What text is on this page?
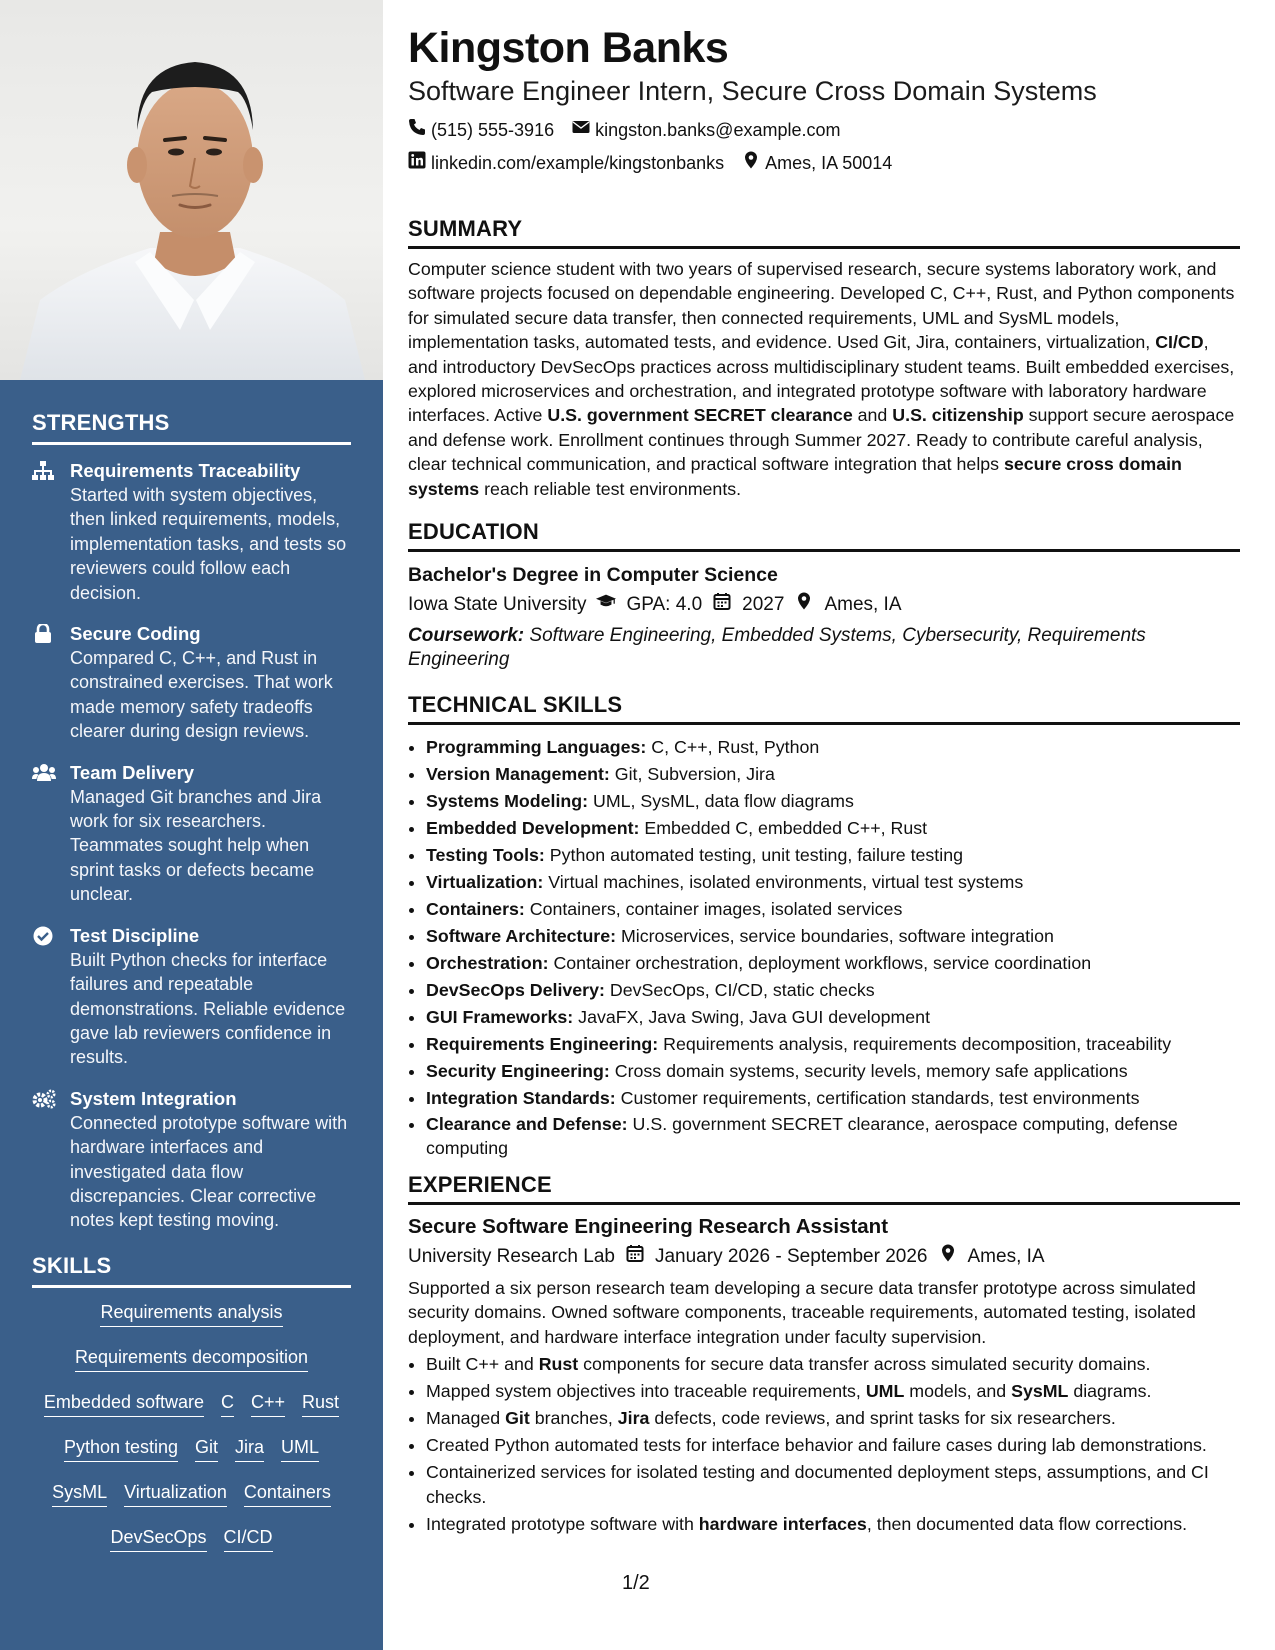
STRENGTHS
Requirements Traceability
Started with system objectives, then linked requirements, models, implementation tasks, and tests so reviewers could follow each decision.
Secure Coding
Compared C, C++, and Rust in constrained exercises. That work made memory safety tradeoffs clearer during design reviews.
Team Delivery
Managed Git branches and Jira work for six researchers. Teammates sought help when sprint tasks or defects became unclear.
Test Discipline
Built Python checks for interface failures and repeatable demonstrations. Reliable evidence gave lab reviewers confidence in results.
System Integration
Connected prototype software with hardware interfaces and investigated data flow discrepancies. Clear corrective notes kept testing moving.
SKILLS
Requirements analysis
Requirements decomposition
Embedded software C C++ Rust
Python testing Git Jira UML
SysML Virtualization Containers
DevSecOps CI/CD
Kingston Banks
Software Engineer Intern, Secure Cross Domain Systems
(515) 555-3916 kingston.banks@example.com
linkedin.com/example/kingstonbanks Ames, IA 50014
SUMMARY

Computer science student with two years of supervised research, secure systems laboratory work, and software projects focused on dependable engineering. Developed C, C++, Rust, and Python components for simulated secure data transfer, then connected requirements, UML and SysML models, implementation tasks, automated tests, and evidence. Used Git, Jira, containers, virtualization, CI/CD, and introductory DevSecOps practices across multidisciplinary student teams. Built embedded exercises, explored microservices and orchestration, and integrated prototype software with laboratory hardware interfaces. Active U.S. government SECRET clearance and U.S. citizenship support secure aerospace and defense work. Enrollment continues through Summer 2027. Ready to contribute careful analysis, clear technical communication, and practical software integration that helps secure cross domain systems reach reliable test environments.

EDUCATION
Bachelor's Degree in Computer Science
Iowa State University GPA: 4.0 2027 Ames, IA
Coursework: Software Engineering, Embedded Systems, Cybersecurity, Requirements Engineering
TECHNICAL SKILLS
• Programming Languages: C, C++, Rust, Python
• Version Management: Git, Subversion, Jira
• Systems Modeling: UML, SysML, data flow diagrams
• Embedded Development: Embedded C, embedded C++, Rust
• Testing Tools: Python automated testing, unit testing, failure testing
• Virtualization: Virtual machines, isolated environments, virtual test systems
• Containers: Containers, container images, isolated services
• Software Architecture: Microservices, service boundaries, software integration
• Orchestration: Container orchestration, deployment workflows, service coordination
• DevSecOps Delivery: DevSecOps, CI/CD, static checks
• GUI Frameworks: JavaFX, Java Swing, Java GUI development
• Requirements Engineering: Requirements analysis, requirements decomposition, traceability
• Security Engineering: Cross domain systems, security levels, memory safe applications
• Integration Standards: Customer requirements, certification standards, test environments
• Clearance and Defense: U.S. government SECRET clearance, aerospace computing, defense computing
EXPERIENCE
Secure Software Engineering Research Assistant
University Research Lab January 2026 - September 2026 Ames, IA

Supported a six person research team developing a secure data transfer prototype across simulated security domains. Owned software components, traceable requirements, automated testing, isolated deployment, and hardware interface integration under faculty supervision.

• Built C++ and Rust components for secure data transfer across simulated security domains.
• Mapped system objectives into traceable requirements, UML models, and SysML diagrams.
• Managed Git branches, Jira defects, code reviews, and sprint tasks for six researchers.
• Created Python automated tests for interface behavior and failure cases during lab demonstrations.
• Containerized services for isolated testing and documented deployment steps, assumptions, and CI checks.
• Integrated prototype software with hardware interfaces, then documented data flow corrections.
1/2
